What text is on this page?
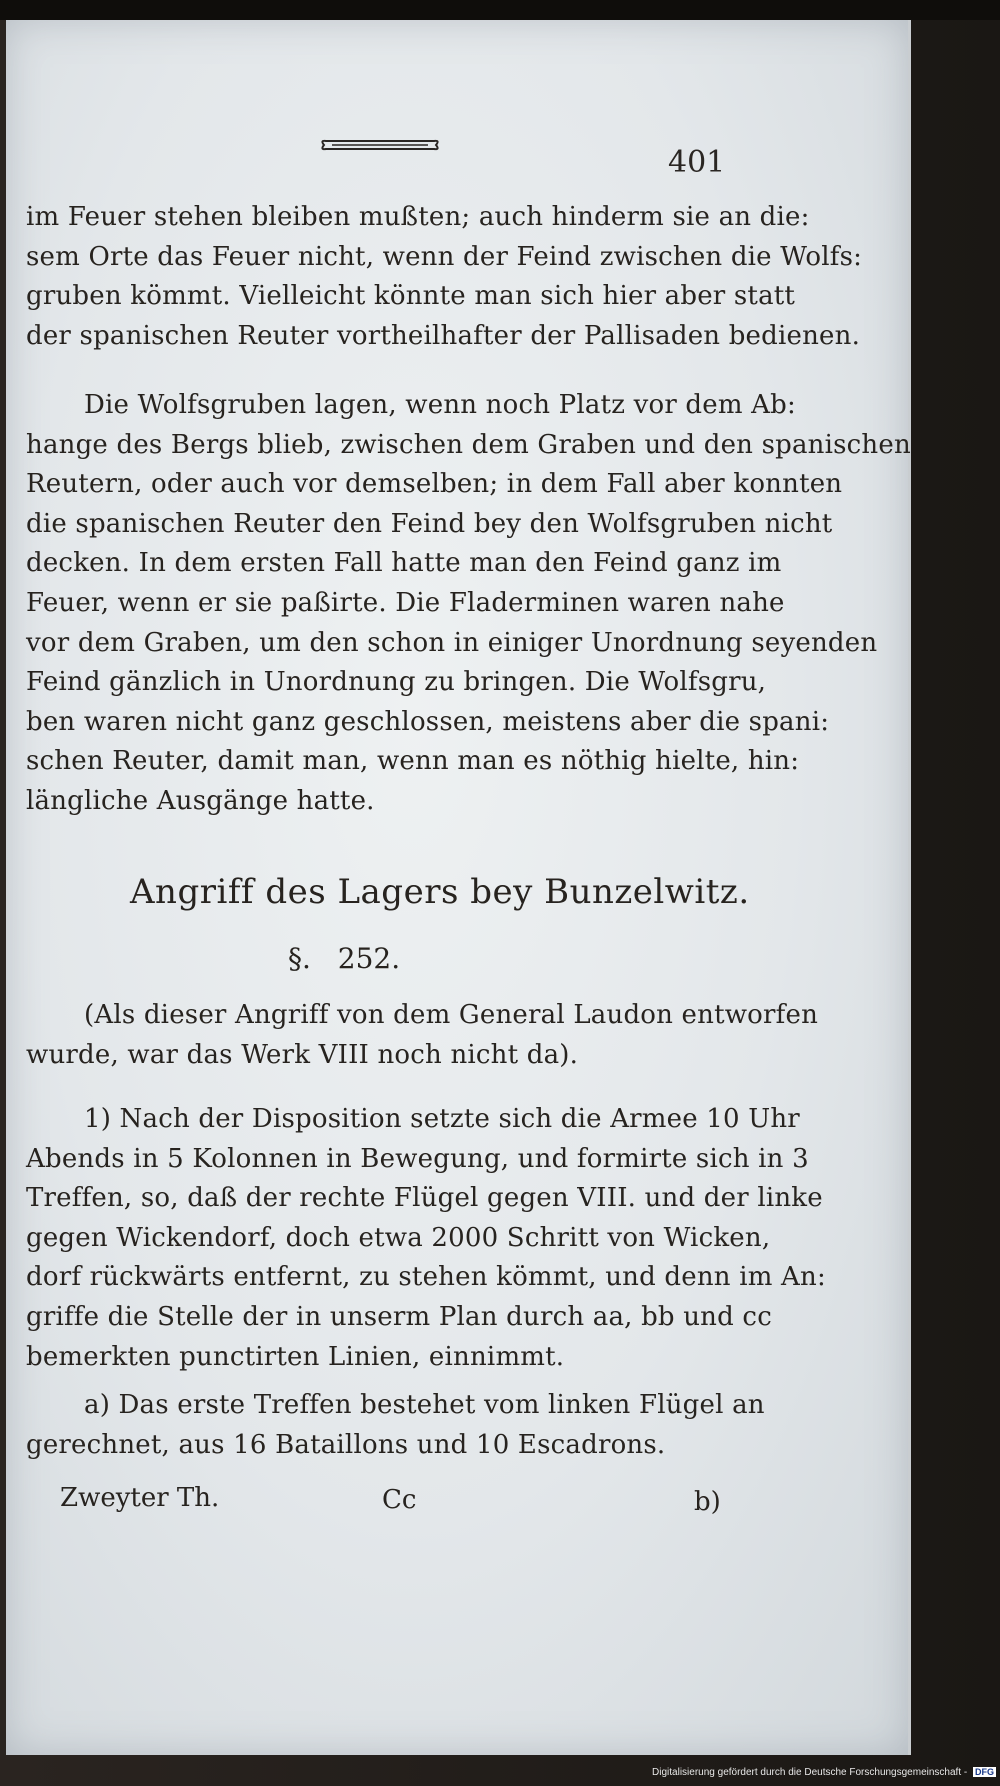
401
im Feuer stehen bleiben mußten; auch hinderm sie an die:
sem Orte das Feuer nicht, wenn der Feind zwischen die Wolfs:
gruben kömmt. Vielleicht könnte man sich hier aber statt
der spanischen Reuter vortheilhafter der Pallisaden bedienen.
Die Wolfsgruben lagen, wenn noch Platz vor dem Ab:
hange des Bergs blieb, zwischen dem Graben und den spanischen
Reutern, oder auch vor demselben; in dem Fall aber konnten
die spanischen Reuter den Feind bey den Wolfsgruben nicht
decken. In dem ersten Fall hatte man den Feind ganz im
Feuer, wenn er sie paßirte. Die Fladerminen waren nahe
vor dem Graben, um den schon in einiger Unordnung seyenden
Feind gänzlich in Unordnung zu bringen. Die Wolfsgru,
ben waren nicht ganz geschlossen, meistens aber die spani:
schen Reuter, damit man, wenn man es nöthig hielte, hin:
längliche Ausgänge hatte.
Angriff des Lagers bey Bunzelwitz.
§. 252.
(Als dieser Angriff von dem General Laudon entworfen
wurde, war das Werk VIII noch nicht da).
1) Nach der Disposition setzte sich die Armee 10 Uhr
Abends in 5 Kolonnen in Bewegung, und formirte sich in 3
Treffen, so, daß der rechte Flügel gegen VIII. und der linke
gegen Wickendorf, doch etwa 2000 Schritt von Wicken,
dorf rückwärts entfernt, zu stehen kömmt, und denn im An:
griffe die Stelle der in unserm Plan durch aa, bb und cc
bemerkten punctirten Linien, einnimmt.
a) Das erste Treffen bestehet vom linken Flügel an
gerechnet, aus 16 Bataillons und 10 Escadrons.
Zweyter Th.	Cc	b)
Digitalisierung gefördert durch die Deutsche Forschungsgemeinschaft - DFG
